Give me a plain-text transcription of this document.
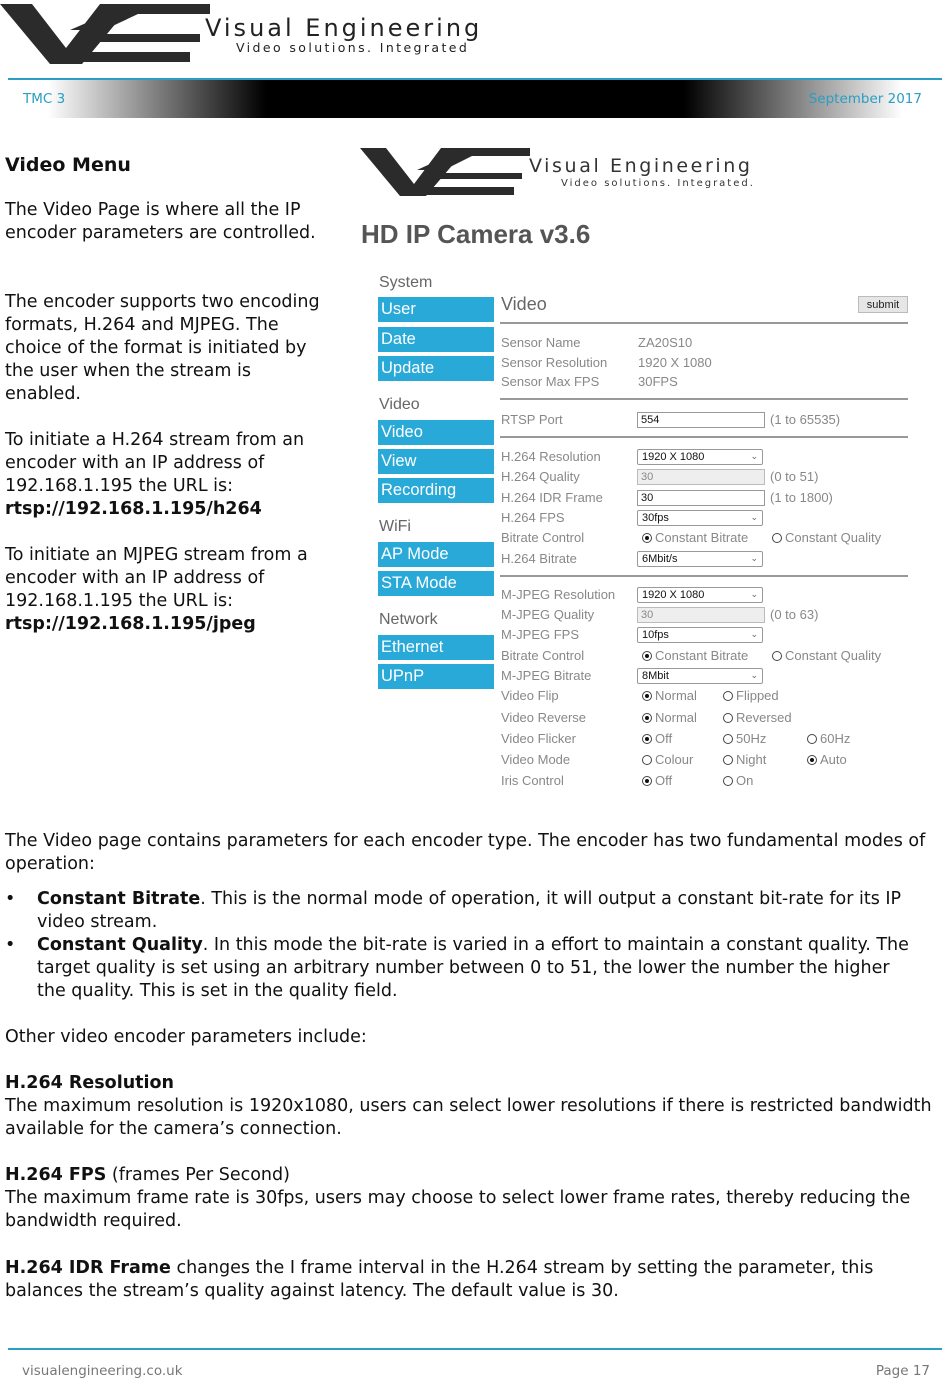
Visual Engineering
Video solutions. Integrated
TMC 3	September 2017
Video Menu
The Video Page is where all the IP encoder parameters are controlled.
The encoder supports two encoding formats, H.264 and MJPEG. The choice of the format is initiated by the user when the stream is enabled.
To initiate a H.264 stream from an encoder with an IP address of 192.168.1.195 the URL is:
rtsp://192.168.1.195/h264
To initiate an MJPEG stream from a encoder with an IP address of 192.168.1.195 the URL is:
rtsp://192.168.1.195/jpeg
Visual Engineering
Video solutions. Integrated.
HD IP Camera v3.6
System
User
Date
Update
Video
Video
View
Recording
WiFi
AP Mode
STA Mode
Network
Ethernet
UPnP
Video	submit
Sensor Name	ZA20S10
Sensor Resolution 1920 X 1080
Sensor Max FPS	30FPS
RTSP Port	554	(1 to 65535)
H.264 Resolution	1920 X 1080	⌄
H.264 Quality	30	(0 to 51)
H.264 IDR Frame	30	(1 to 1800)
H.264 FPS	30fps	⌄
Bitrate Control	Constant Bitrate	Constant Quality
H.264 Bitrate	6Mbit/s	⌄
M-JPEG Resolution	1920 X 1080	⌄
M-JPEG Quality	30	(0 to 63)
M-JPEG FPS	10fps	⌄
Bitrate Control	Constant Bitrate	Constant Quality
M-JPEG Bitrate	8Mbit	⌄
Video Flip	Normal	Flipped
Video Reverse	Normal	Reversed
Video Flicker	Off	50Hz	60Hz
Video Mode	Colour	Night	Auto
Iris Control	Off	On
The Video page contains parameters for each encoder type. The encoder has two fundamental modes of operation:
• Constant Bitrate. This is the normal mode of operation, it will output a constant bit-rate for its IP video stream.
• Constant Quality. In this mode the bit-rate is varied in a effort to maintain a constant quality. The target quality is set using an arbitrary number between 0 to 51, the lower the number the higher the quality. This is set in the quality field.
Other video encoder parameters include:
H.264 Resolution
The maximum resolution is 1920x1080, users can select lower resolutions if there is restricted bandwidth available for the camera’s connection.
H.264 FPS (frames Per Second)
The maximum frame rate is 30fps, users may choose to select lower frame rates, thereby reducing the bandwidth required.
H.264 IDR Frame changes the I frame interval in the H.264 stream by setting the parameter, this balances the stream’s quality against latency. The default value is 30.
visualengineering.co.uk	Page 17
